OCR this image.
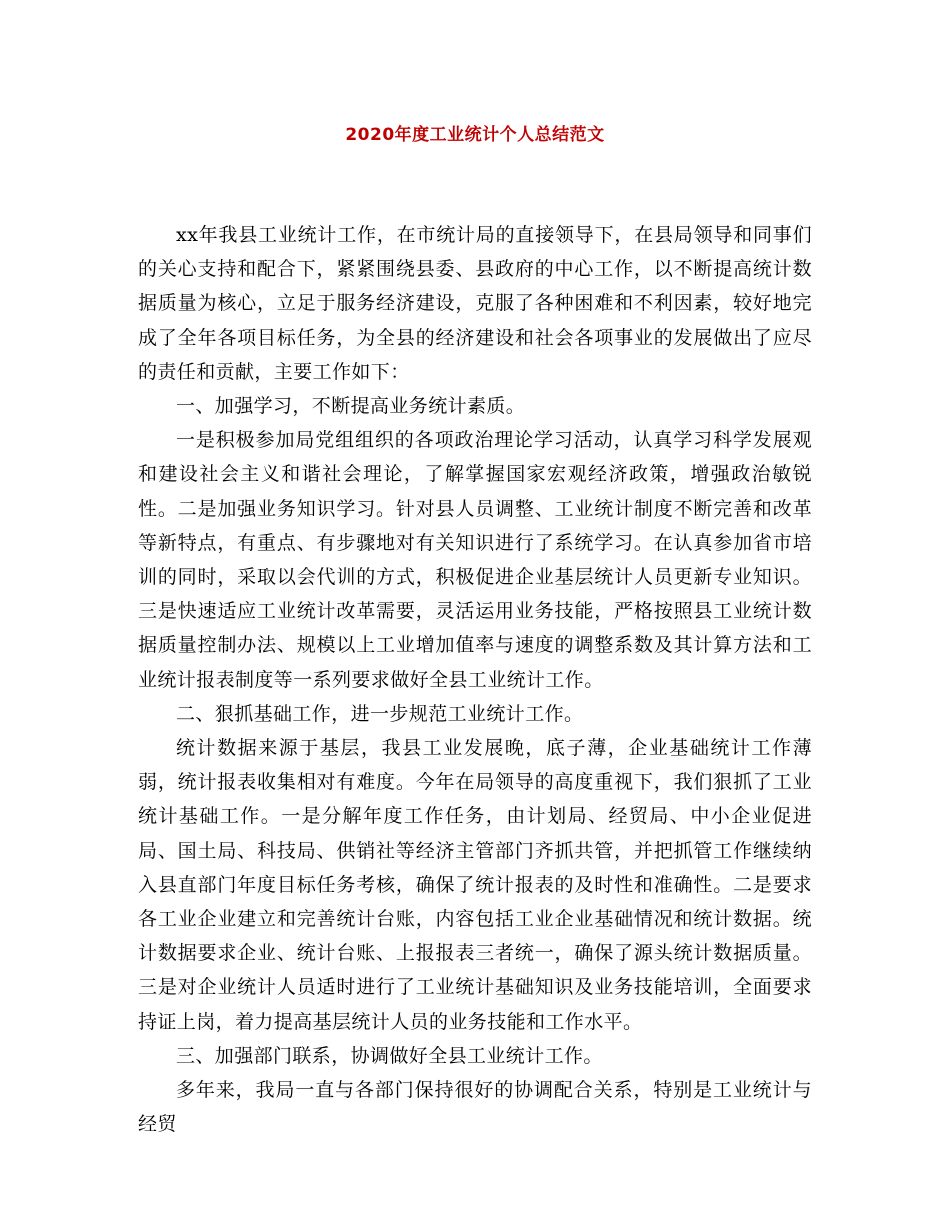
2020年度工业统计个人总结范文

xx年我县工业统计工作，在市统计局的直接领导下，在县局领导和同事们的关心支持和配合下，紧紧围绕县委、县政府的中心工作，以不断提高统计数据质量为核心，立足于服务经济建设，克服了各种困难和不利因素，较好地完成了全年各项目标任务，为全县的经济建设和社会各项事业的发展做出了应尽的责任和贡献，主要工作如下：

一、加强学习，不断提高业务统计素质。

一是积极参加局党组组织的各项政治理论学习活动，认真学习科学发展观和建设社会主义和谐社会理论，了解掌握国家宏观经济政策，增强政治敏锐性。二是加强业务知识学习。针对县人员调整、工业统计制度不断完善和改革等新特点，有重点、有步骤地对有关知识进行了系统学习。在认真参加省市培训的同时，采取以会代训的方式，积极促进企业基层统计人员更新专业知识。三是快速适应工业统计改革需要，灵活运用业务技能，严格按照县工业统计数据质量控制办法、规模以上工业增加值率与速度的调整系数及其计算方法和工业统计报表制度等一系列要求做好全县工业统计工作。

二、狠抓基础工作，进一步规范工业统计工作。

统计数据来源于基层，我县工业发展晚，底子薄，企业基础统计工作薄弱，统计报表收集相对有难度。今年在局领导的高度重视下，我们狠抓了工业统计基础工作。一是分解年度工作任务，由计划局、经贸局、中小企业促进局、国土局、科技局、供销社等经济主管部门齐抓共管，并把抓管工作继续纳入县直部门年度目标任务考核，确保了统计报表的及时性和准确性。二是要求各工业企业建立和完善统计台账，内容包括工业企业基础情况和统计数据。统计数据要求企业、统计台账、上报报表三者统一，确保了源头统计数据质量。三是对企业统计人员适时进行了工业统计基础知识及业务技能培训，全面要求持证上岗，着力提高基层统计人员的业务技能和工作水平。

三、加强部门联系，协调做好全县工业统计工作。

多年来，我局一直与各部门保持很好的协调配合关系，特别是工业统计与经贸
